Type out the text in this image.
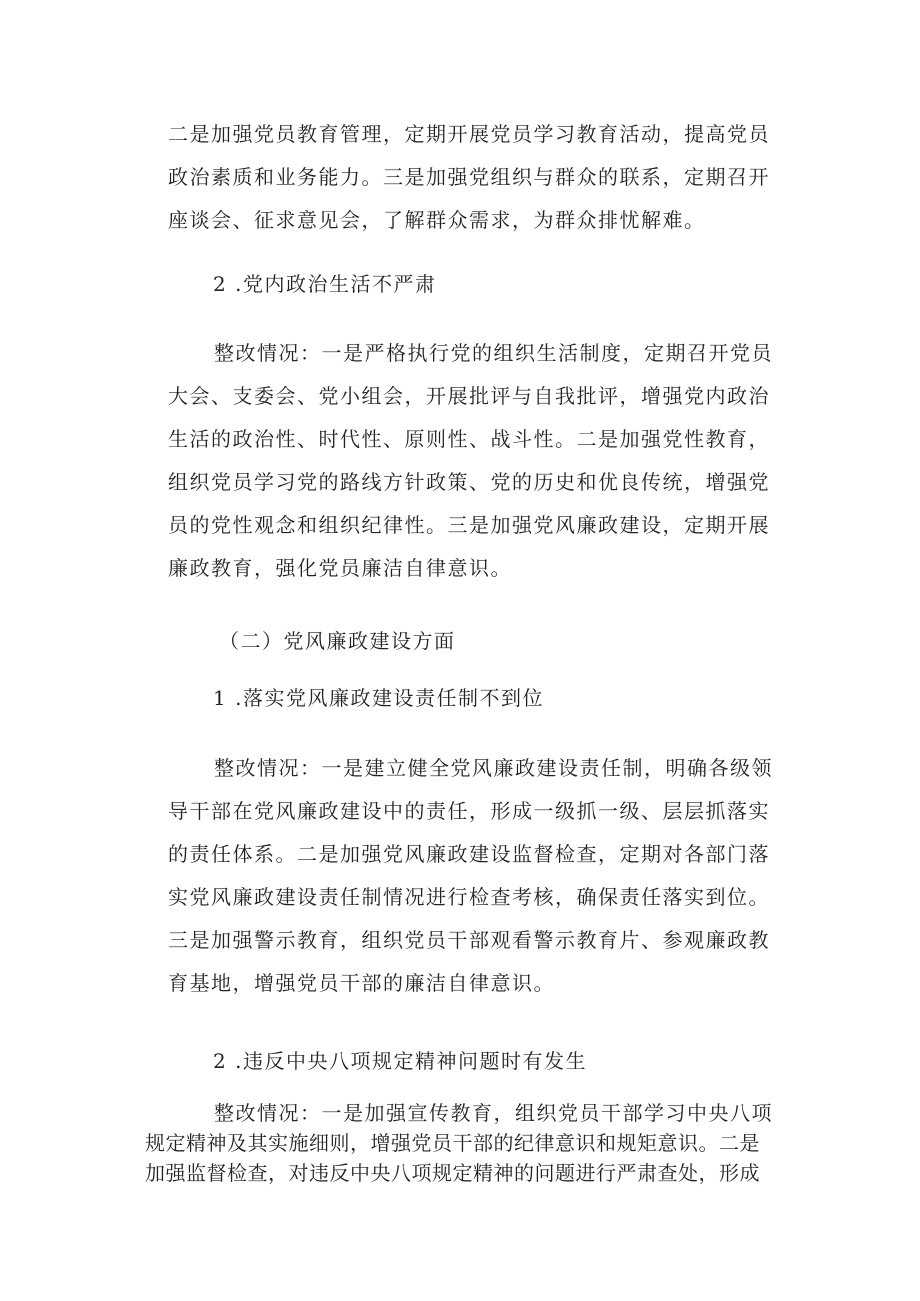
二是加强党员教育管理，定期开展党员学习教育活动，提高党员
政治素质和业务能力。三是加强党组织与群众的联系，定期召开
座谈会、征求意见会，了解群众需求，为群众排忧解难。
2 .党内政治生活不严肃
整改情况：一是严格执行党的组织生活制度，定期召开党员
大会、支委会、党小组会，开展批评与自我批评，增强党内政治
生活的政治性、时代性、原则性、战斗性。二是加强党性教育，
组织党员学习党的路线方针政策、党的历史和优良传统，增强党
员的党性观念和组织纪律性。三是加强党风廉政建设，定期开展
廉政教育，强化党员廉洁自律意识。
（二）党风廉政建设方面
1 .落实党风廉政建设责任制不到位
整改情况：一是建立健全党风廉政建设责任制，明确各级领
导干部在党风廉政建设中的责任，形成一级抓一级、层层抓落实
的责任体系。二是加强党风廉政建设监督检查，定期对各部门落
实党风廉政建设责任制情况进行检查考核，确保责任落实到位。
三是加强警示教育，组织党员干部观看警示教育片、参观廉政教
育基地，增强党员干部的廉洁自律意识。
2 .违反中央八项规定精神问题时有发生
整改情况：一是加强宣传教育，组织党员干部学习中央八项
规定精神及其实施细则，增强党员干部的纪律意识和规矩意识。二是
加强监督检查，对违反中央八项规定精神的问题进行严肃查处，形成
